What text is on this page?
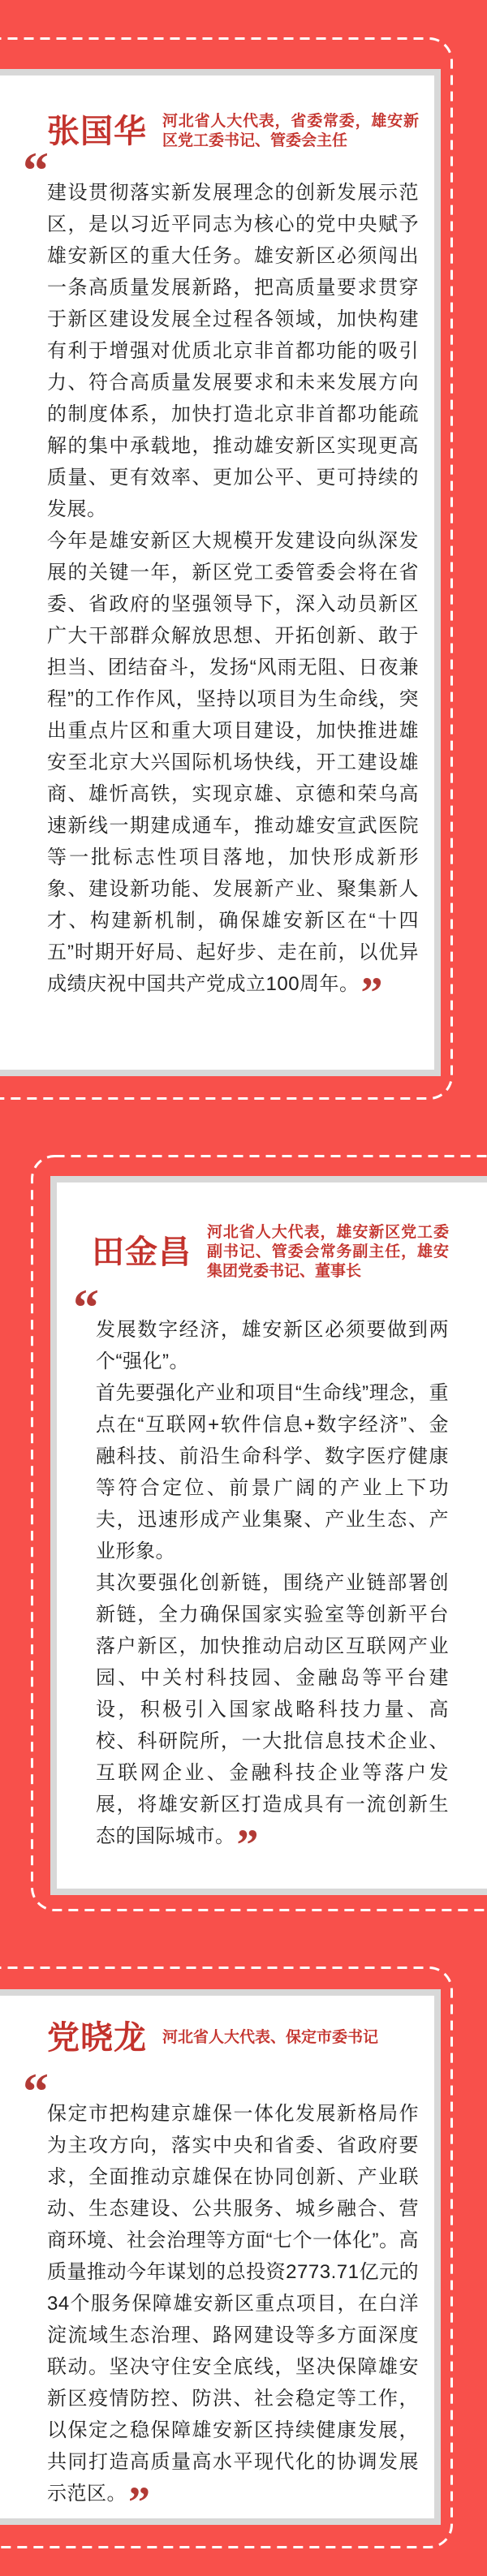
张国华 河北省人大代表，省委常委，雄安新区党工委书记、管委会主任
“

建设贯彻落实新发展理念的创新发展示范区，是以习近平同志为核心的党中央赋予雄安新区的重大任务。雄安新区必须闯出一条高质量发展新路，把高质量要求贯穿于新区建设发展全过程各领域，加快构建有利于增强对优质北京非首都功能的吸引力、符合高质量发展要求和未来发展方向的制度体系，加快打造北京非首都功能疏解的集中承载地，推动雄安新区实现更高质量、更有效率、更加公平、更可持续的发展。

今年是雄安新区大规模开发建设向纵深发展的关键一年，新区党工委管委会将在省委、省政府的坚强领导下，深入动员新区广大干部群众解放思想、开拓创新、敢于担当、团结奋斗，发扬“风雨无阻、日夜兼程”的工作作风，坚持以项目为生命线，突出重点片区和重大项目建设，加快推进雄安至北京大兴国际机场快线，开工建设雄商、雄忻高铁，实现京雄、京德和荣乌高速新线一期建成通车，推动雄安宣武医院等一批标志性项目落地，加快形成新形象、建设新功能、发展新产业、聚集新人才、构建新机制，确保雄安新区在“十四五”时期开好局、起好步、走在前，以优异成绩庆祝中国共产党成立100周年。 ”

田金昌
河北省人大代表，雄安新区党工委副书记、管委会常务副主任，雄安集团党委书记、董事长
“

发展数字经济，雄安新区必须要做到两个“强化”。

首先要强化产业和项目“生命线”理念，重点在“互联网+软件信息+数字经济”、金融科技、前沿生命科学、数字医疗健康等符合定位、前景广阔的产业上下功夫，迅速形成产业集聚、产业生态、产业形象。

其次要强化创新链，围绕产业链部署创新链，全力确保国家实验室等创新平台落户新区，加快推动启动区互联网产业园、中关村科技园、金融岛等平台建设，积极引入国家战略科技力量、高校、科研院所，一大批信息技术企业、互联网企业、金融科技企业等落户发展，将雄安新区打造成具有一流创新生态的国际城市。 ”

党晓龙 河北省人大代表、保定市委书记
“

保定市把构建京雄保一体化发展新格局作为主攻方向，落实中央和省委、省政府要求，全面推动京雄保在协同创新、产业联动、生态建设、公共服务、城乡融合、营商环境、社会治理等方面“七个一体化”。高质量推动今年谋划的总投资2773.71亿元的34个服务保障雄安新区重点项目，在白洋淀流域生态治理、路网建设等多方面深度联动。坚决守住安全底线，坚决保障雄安新区疫情防控、防洪、社会稳定等工作，以保定之稳保障雄安新区持续健康发展，共同打造高质量高水平现代化的协调发展示范区。 ”
